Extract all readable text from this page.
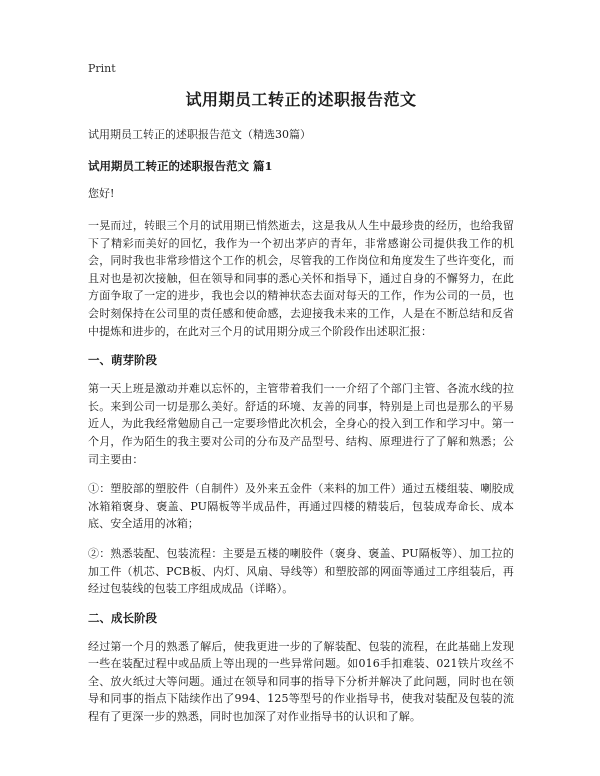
Print
试用期员工转正的述职报告范文
试用期员工转正的述职报告范文（精选30篇）
试用期员工转正的述职报告范文 篇1
您好!

一晃而过，转眼三个月的试用期已悄然逝去，这是我从人生中最珍贵的经历，也给我留下了精彩而美好的回忆，我作为一个初出茅庐的青年，非常感谢公司提供我工作的机会，同时我也非常珍惜这个工作的机会，尽管我的工作岗位和角度发生了些许变化，而且对也是初次接触，但在领导和同事的悉心关怀和指导下，通过自身的不懈努力，在此方面争取了一定的进步，我也会以的精神状态去面对每天的工作，作为公司的一员，也会时刻保持在公司里的责任感和使命感，去迎接我未来的工作，人是在不断总结和反省中提炼和进步的，在此对三个月的试用期分成三个阶段作出述职汇报：

一、萌芽阶段

第一天上班是激动并难以忘怀的，主管带着我们一一介绍了个部门主管、各流水线的拉长。来到公司一切是那么美好。舒适的环境、友善的同事，特别是上司也是那么的平易近人，为此我经常勉励自己一定要珍惜此次机会，全身心的投入到工作和学习中。第一个月，作为陌生的我主要对公司的分布及产品型号、结构、原理进行了了解和熟悉；公司主要由：

①：塑胶部的塑胶件（自制件）及外来五金件（来料的加工件）通过五楼组装、喇胶成冰箱箱褒身、褒盖、PU隔板等半成品件，再通过四楼的精装后，包装成寿命长、成本底、安全适用的冰箱；

②：熟悉装配、包装流程：主要是五楼的喇胶件（褒身、褒盖、PU隔板等）、加工拉的加工件（机芯、PCB板、内灯、风扇、导线等）和塑胶部的网面等通过工序组装后，再经过包装线的包装工序组成成品（详略）。

二、成长阶段

经过第一个月的熟悉了解后，使我更进一步的了解装配、包装的流程，在此基础上发现一些在装配过程中或品质上等出现的一些异常问题。如016手扣难装、021铁片攻丝不全、放火纸过大等问题。通过在领导和同事的指导下分析并解决了此问题，同时也在领导和同事的指点下陆续作出了994、125等型号的作业指导书，使我对装配及包装的流程有了更深一步的熟悉，同时也加深了对作业指导书的认识和了解。
